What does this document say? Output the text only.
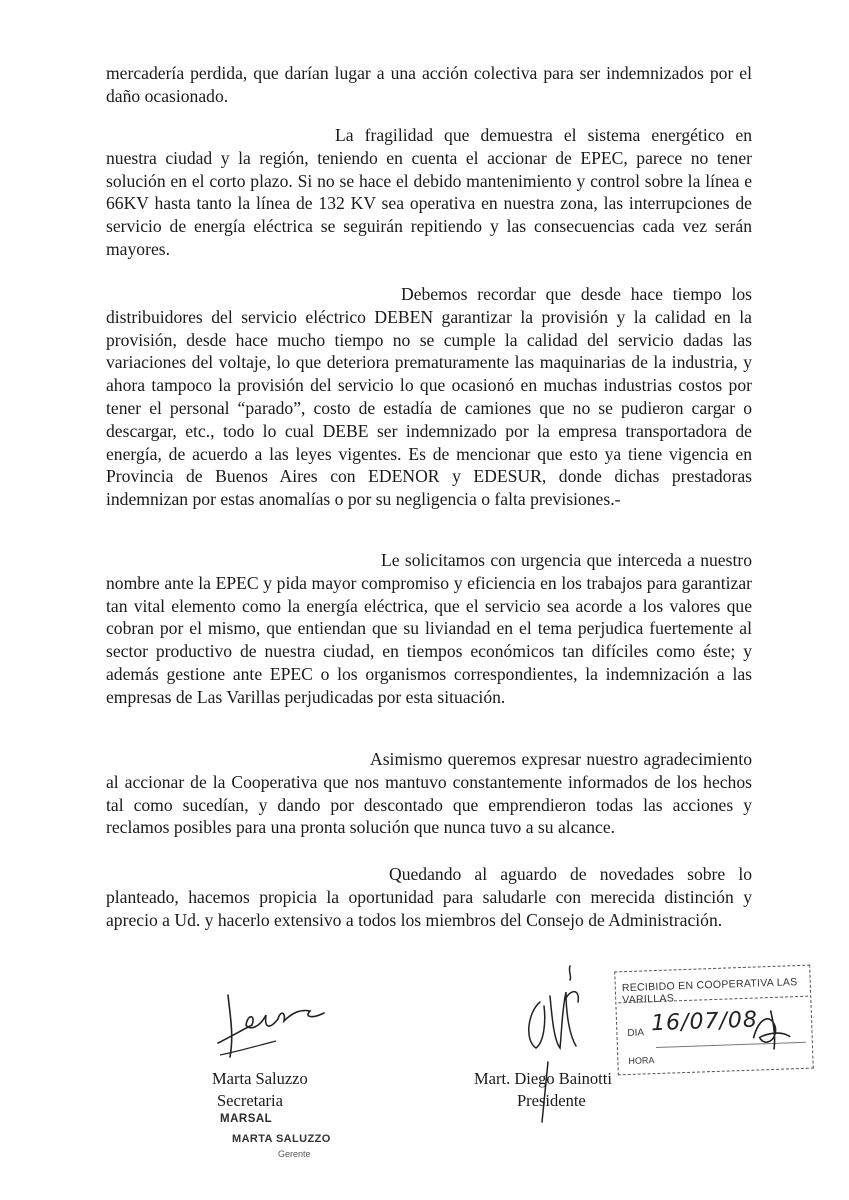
mercadería perdida, que darían lugar a una acción colectiva para ser indemnizados por el daño ocasionado.

La fragilidad que demuestra el sistema energético en nuestra ciudad y la región, teniendo en cuenta el accionar de EPEC, parece no tener solución en el corto plazo. Si no se hace el debido mantenimiento y control sobre la línea e 66KV hasta tanto la línea de 132 KV sea operativa en nuestra zona, las interrupciones de servicio de energía eléctrica se seguirán repitiendo y las consecuencias cada vez serán mayores.

Debemos recordar que desde hace tiempo los distribuidores del servicio eléctrico DEBEN garantizar la provisión y la calidad en la provisión, desde hace mucho tiempo no se cumple la calidad del servicio dadas las variaciones del voltaje, lo que deteriora prematuramente las maquinarias de la industria, y ahora tampoco la provisión del servicio lo que ocasionó en muchas industrias costos por tener el personal “parado”, costo de estadía de camiones que no se pudieron cargar o descargar, etc., todo lo cual DEBE ser indemnizado por la empresa transportadora de energía, de acuerdo a las leyes vigentes. Es de mencionar que esto ya tiene vigencia en Provincia de Buenos Aires con EDENOR y EDESUR, donde dichas prestadoras indemnizan por estas anomalías o por su negligencia o falta previsiones.-

Le solicitamos con urgencia que interceda a nuestro nombre ante la EPEC y pida mayor compromiso y eficiencia en los trabajos para garantizar tan vital elemento como la energía eléctrica, que el servicio sea acorde a los valores que cobran por el mismo, que entiendan que su liviandad en el tema perjudica fuertemente al sector productivo de nuestra ciudad, en tiempos económicos tan difíciles como éste; y además gestione ante EPEC o los organismos correspondientes, la indemnización a las empresas de Las Varillas perjudicadas por esta situación.

Asimismo queremos expresar nuestro agradecimiento al accionar de la Cooperativa que nos mantuvo constantemente informados de los hechos tal como sucedían, y dando por descontado que emprendieron todas las acciones y reclamos posibles para una pronta solución que nunca tuvo a su alcance.

Quedando al aguardo de novedades sobre lo planteado, hacemos propicia la oportunidad para saludarle con merecida distinción y aprecio a Ud. y hacerlo extensivo a todos los miembros del Consejo de Administración.

Marta Saluzzo
Secretaria
MARSAL
MARTA SALUZZO
Gerente
Mart. Diego Bainotti
Presidente
RECIBIDO EN COOPERATIVA LAS VARILLAS
DIA 16/07/08
HORA
